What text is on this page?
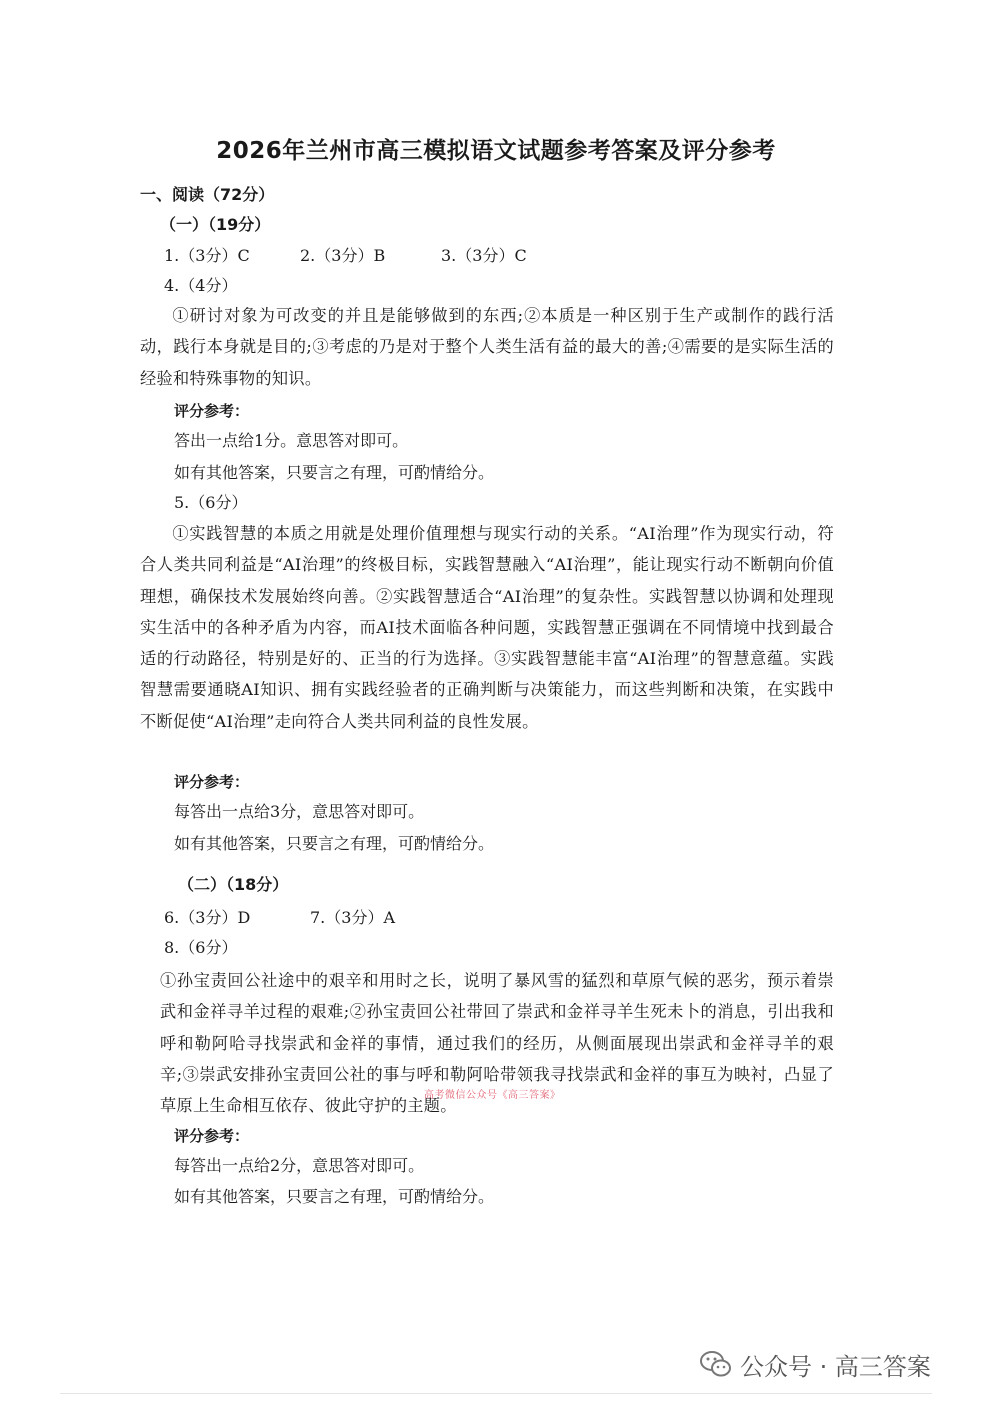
2026年兰州市高三模拟语文试题参考答案及评分参考
一、阅读（72分）
（一）（19分）
1.（3分）C	2.（3分）B	3.（3分）C
4.（4分）
①研讨对象为可改变的并且是能够做到的东西;②本质是一种区别于生产或制作的践行活动，践行本身就是目的;③考虑的乃是对于整个人类生活有益的最大的善;④需要的是实际生活的经验和特殊事物的知识。
评分参考：
答出一点给1分。意思答对即可。
如有其他答案，只要言之有理，可酌情给分。
5.（6分）
①实践智慧的本质之用就是处理价值理想与现实行动的关系。“AI治理”作为现实行动，符合人类共同利益是“AI治理”的终极目标，实践智慧融入“AI治理”，能让现实行动不断朝向价值理想，确保技术发展始终向善。②实践智慧适合“AI治理”的复杂性。实践智慧以协调和处理现实生活中的各种矛盾为内容，而AI技术面临各种问题，实践智慧正强调在不同情境中找到最合适的行动路径，特别是好的、正当的行为选择。③实践智慧能丰富“AI治理”的智慧意蕴。实践智慧需要通晓AI知识、拥有实践经验者的正确判断与决策能力，而这些判断和决策，在实践中不断促使“AI治理”走向符合人类共同利益的良性发展。
评分参考：
每答出一点给3分，意思答对即可。
如有其他答案，只要言之有理，可酌情给分。
（二）（18分）
6.（3分）D	7.（3分）A
8.（6分）
①孙宝责回公社途中的艰辛和用时之长，说明了暴风雪的猛烈和草原气候的恶劣，预示着崇武和金祥寻羊过程的艰难;②孙宝责回公社带回了崇武和金祥寻羊生死未卜的消息，引出我和呼和勒阿哈寻找崇武和金祥的事情，通过我们的经历，从侧面展现出崇武和金祥寻羊的艰辛;③崇武安排孙宝责回公社的事与呼和勒阿哈带领我寻找崇武和金祥的事互为映衬，凸显了草原上生命相互依存、彼此守护的主题。
评分参考：
每答出一点给2分，意思答对即可。
如有其他答案，只要言之有理，可酌情给分。
高考微信公众号《高三答案》
公众号 · 高三答案
